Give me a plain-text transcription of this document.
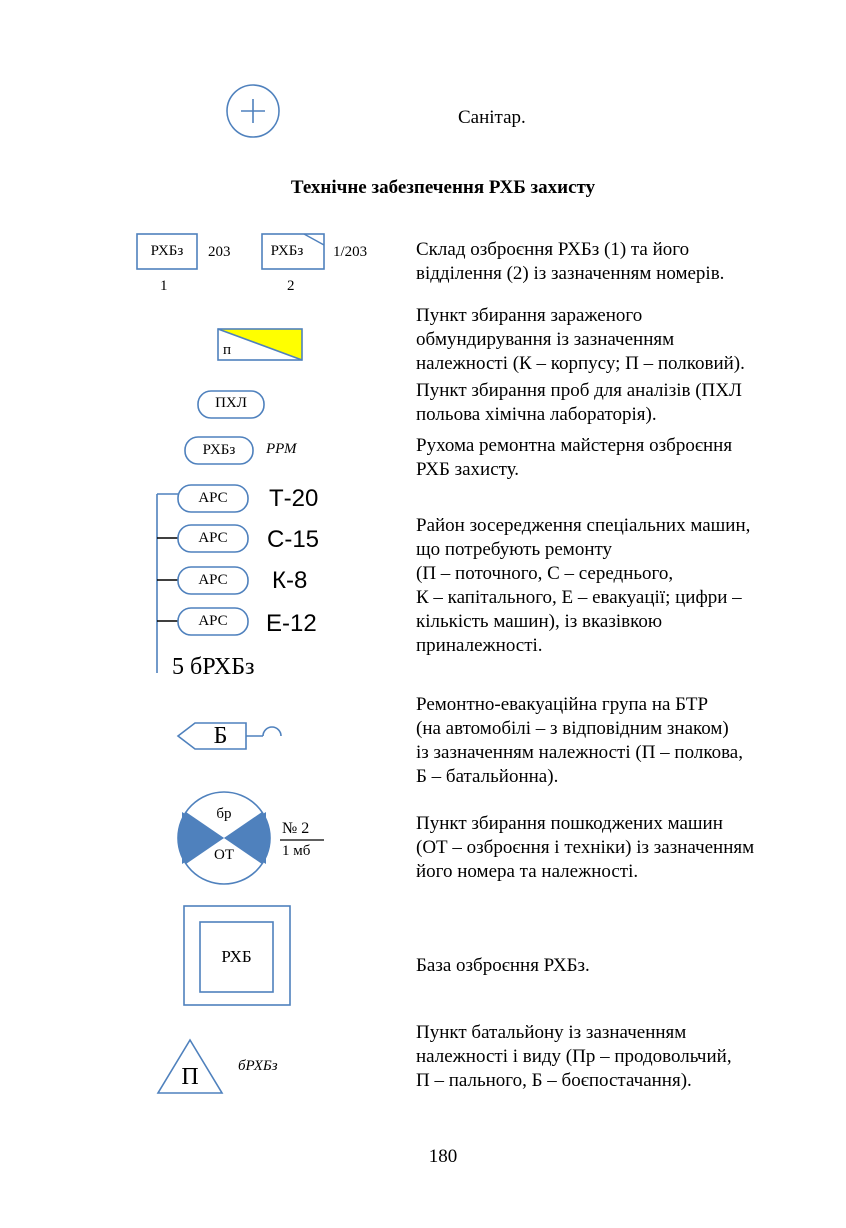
Санітар.
Технічне забезпечення РХБ захисту
РХБз	203
1
РХБз	1/203
2
Склад озброєння РХБз (1) та його
відділення (2) із зазначенням номерів.
п
Пункт збирання зараженого
обмундирування із зазначенням
належності (К – корпусу; П – полковий).
ПХЛ
Пункт збирання проб для аналізів (ПХЛ
польова хімічна лабораторія).
РХБз	РРМ	Рухома ремонтна майстерня озброєння
РХБ захисту.
АРС	Т-20
АРС	С-15
АРС	К-8
АРС	Е-12
5 бРХБз
Район зосередження спеціальних машин,
що потребують ремонту
(П – поточного, С – середнього,
К – капітального, Е – евакуації; цифри –
кількість машин), із вказівкою
приналежності.
Б
Ремонтно-евакуаційна група на БТР
(на автомобілі – з відповідним знаком)
із зазначенням належності (П – полкова,
Б – батальйонна).
бр
ОТ
№ 2
1 мб
Пункт збирання пошкоджених машин
(ОТ – озброєння і техніки) із зазначенням
його номера та належності.
РХБ	База озброєння РХБз.
П	бРХБз
Пункт батальйону із зазначенням
належності і виду (Пр – продовольчий,
П – пального, Б – боєпостачання).
180
